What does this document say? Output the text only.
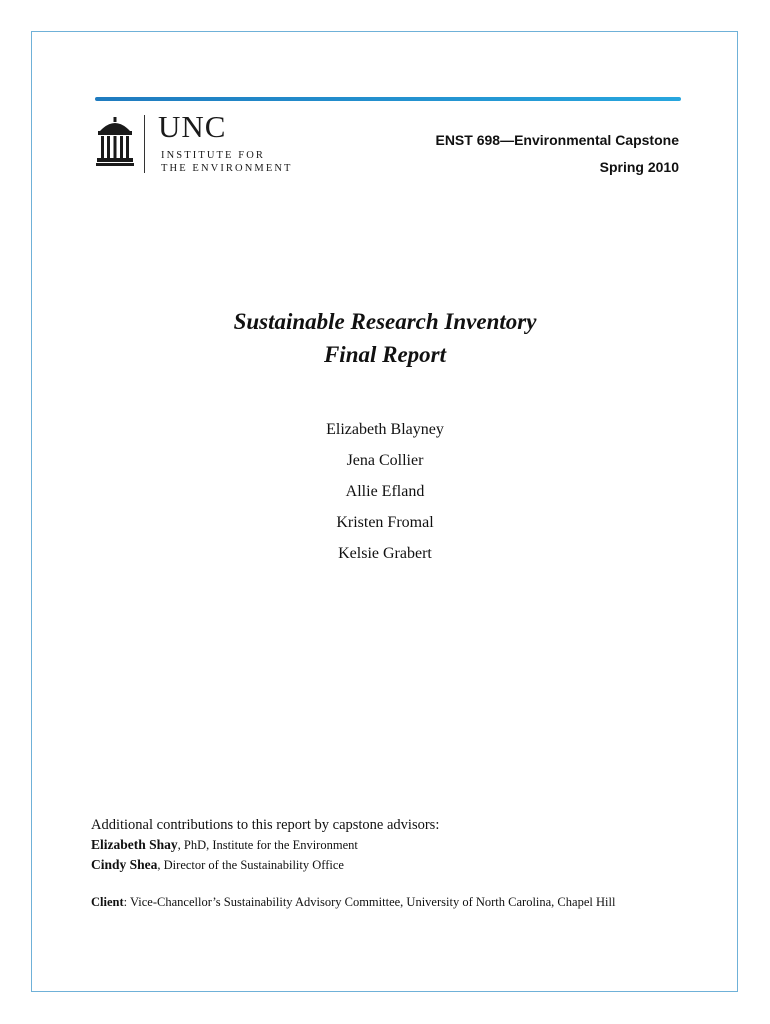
UNC
INSTITUTE FOR
THE ENVIRONMENT
ENST 698—Environmental Capstone
Spring 2010
Sustainable Research Inventory
Final Report
Elizabeth Blayney
Jena Collier
Allie Efland
Kristen Fromal
Kelsie Grabert
Additional contributions to this report by capstone advisors:
Elizabeth Shay, PhD, Institute for the Environment
Cindy Shea, Director of the Sustainability Office
Client: Vice-Chancellor’s Sustainability Advisory Committee, University of North Carolina, Chapel Hill
